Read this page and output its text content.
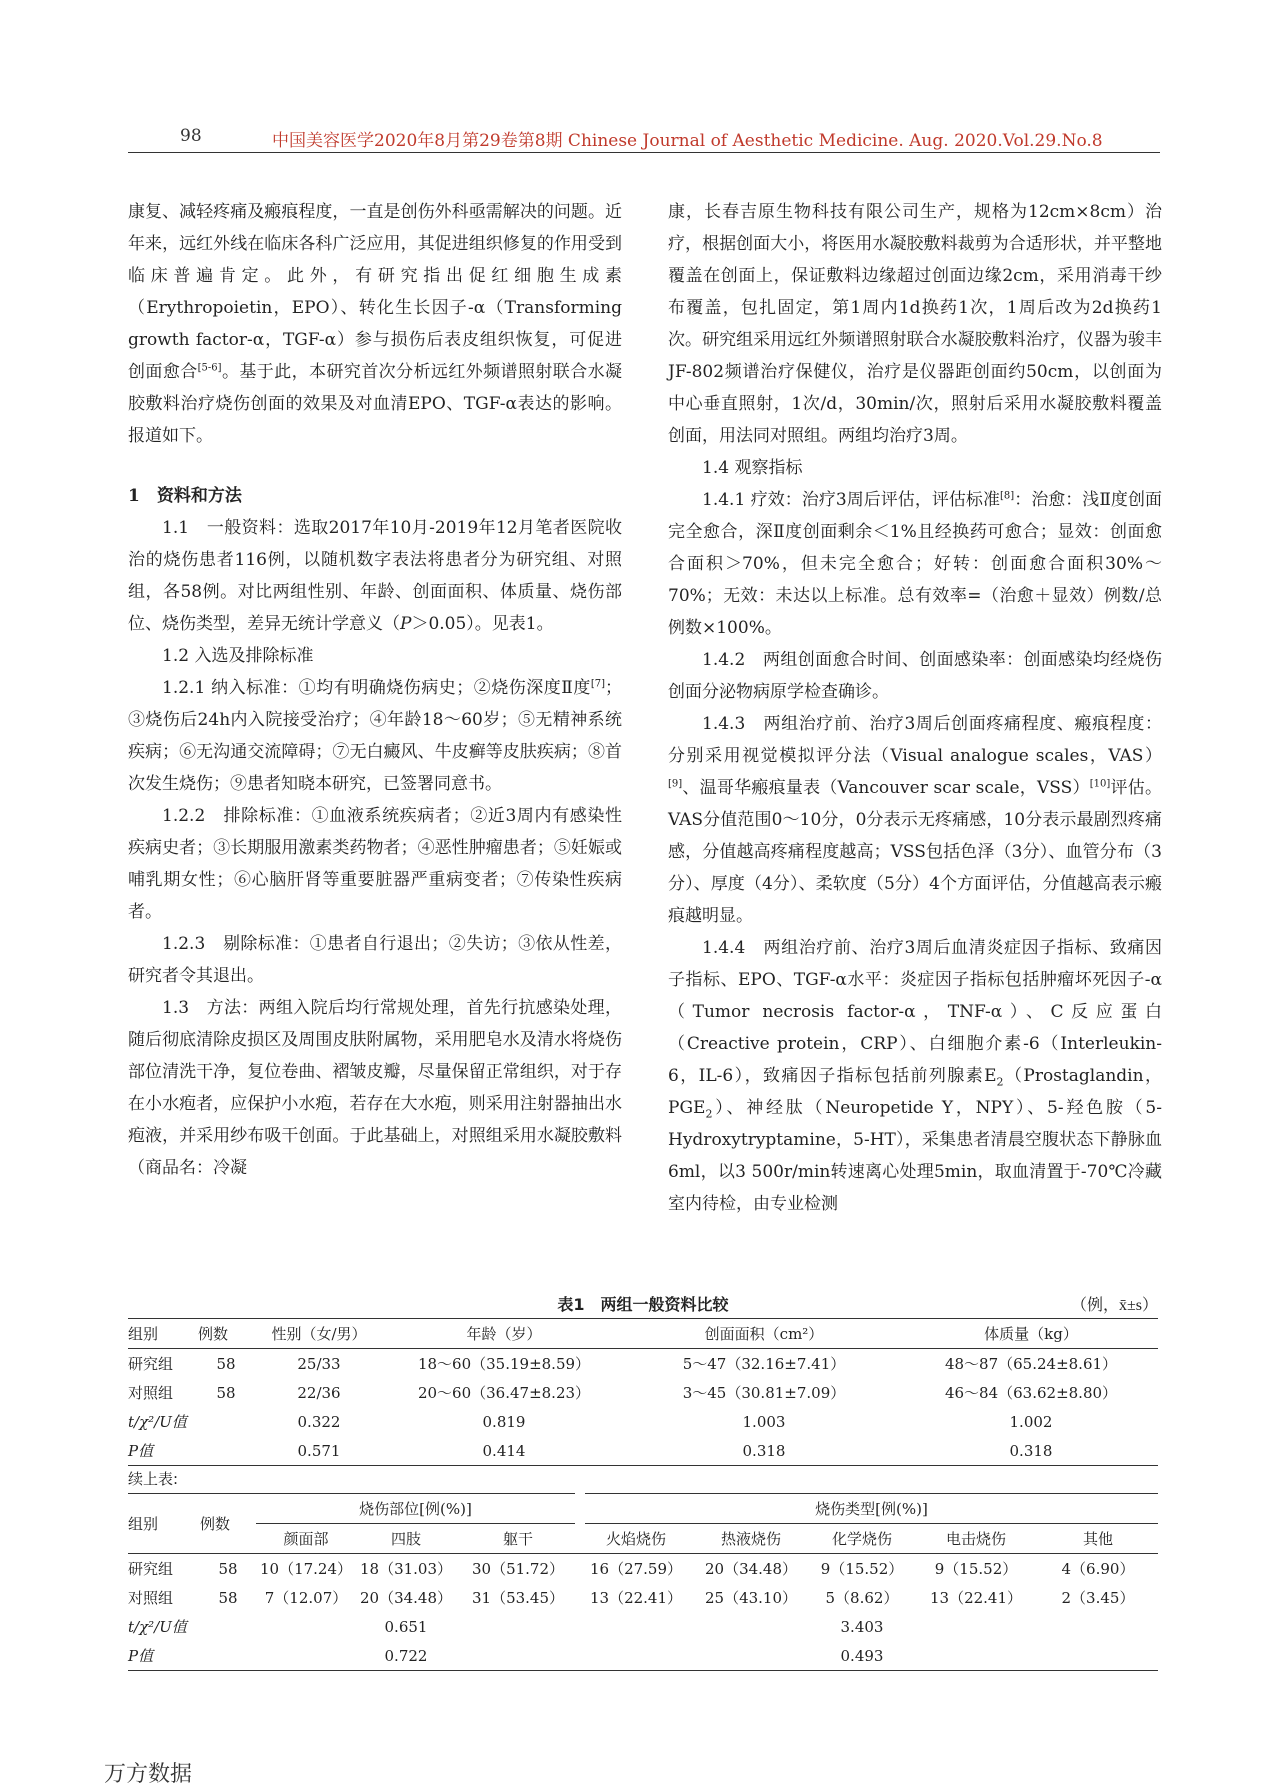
98	中国美容医学2020年8月第29卷第8期 Chinese Journal of Aesthetic Medicine. Aug. 2020.Vol.29.No.8

康复、减轻疼痛及瘢痕程度，一直是创伤外科亟需解决的问题。近年来，远红外线在临床各科广泛应用，其促进组织修复的作用受到临床普遍肯定。此外，有研究指出促红细胞生成素（Erythropoietin，EPO）、转化生长因子-α（Transforming growth factor-α，TGF-α）参与损伤后表皮组织恢复，可促进创面愈合[5-6]。基于此，本研究首次分析远红外频谱照射联合水凝胶敷料治疗烧伤创面的效果及对血清EPO、TGF-α表达的影响。报道如下。

1　资料和方法

1.1　一般资料：选取2017年10月-2019年12月笔者医院收治的烧伤患者116例，以随机数字表法将患者分为研究组、对照组，各58例。对比两组性别、年龄、创面面积、体质量、烧伤部位、烧伤类型，差异无统计学意义（P＞0.05）。见表1。

1.2 入选及排除标准

1.2.1 纳入标准：①均有明确烧伤病史；②烧伤深度Ⅱ度[7]；③烧伤后24h内入院接受治疗；④年龄18～60岁；⑤无精神系统疾病；⑥无沟通交流障碍；⑦无白癜风、牛皮癣等皮肤疾病；⑧首次发生烧伤；⑨患者知晓本研究，已签署同意书。

1.2.2　排除标准：①血液系统疾病者；②近3周内有感染性疾病史者；③长期服用激素类药物者；④恶性肿瘤患者；⑤妊娠或哺乳期女性；⑥心脑肝肾等重要脏器严重病变者；⑦传染性疾病者。

1.2.3　剔除标准：①患者自行退出；②失访；③依从性差，研究者令其退出。

1.3　方法：两组入院后均行常规处理，首先行抗感染处理，随后彻底清除皮损区及周围皮肤附属物，采用肥皂水及清水将烧伤部位清洗干净，复位卷曲、褶皱皮瓣，尽量保留正常组织，对于存在小水疱者，应保护小水疱，若存在大水疱，则采用注射器抽出水疱液，并采用纱布吸干创面。于此基础上，对照组采用水凝胶敷料（商品名：冷凝

康，长春吉原生物科技有限公司生产，规格为12cm×8cm）治疗，根据创面大小，将医用水凝胶敷料裁剪为合适形状，并平整地覆盖在创面上，保证敷料边缘超过创面边缘2cm，采用消毒干纱布覆盖，包扎固定，第1周内1d换药1次，1周后改为2d换药1次。研究组采用远红外频谱照射联合水凝胶敷料治疗，仪器为骏丰JF-802频谱治疗保健仪，治疗是仪器距创面约50cm，以创面为中心垂直照射，1次/d，30min/次，照射后采用水凝胶敷料覆盖创面，用法同对照组。两组均治疗3周。

1.4 观察指标

1.4.1 疗效：治疗3周后评估，评估标准[8]：治愈：浅Ⅱ度创面完全愈合，深Ⅱ度创面剩余＜1%且经换药可愈合；显效：创面愈合面积＞70%，但未完全愈合；好转：创面愈合面积30%～70%；无效：未达以上标准。总有效率=（治愈＋显效）例数/总例数×100%。

1.4.2　两组创面愈合时间、创面感染率：创面感染均经烧伤创面分泌物病原学检查确诊。

1.4.3　两组治疗前、治疗3周后创面疼痛程度、瘢痕程度：分别采用视觉模拟评分法（Visual analogue scales，VAS）[9]、温哥华瘢痕量表（Vancouver scar scale，VSS）[10]评估。VAS分值范围0～10分，0分表示无疼痛感，10分表示最剧烈疼痛感，分值越高疼痛程度越高；VSS包括色泽（3分）、血管分布（3分）、厚度（4分）、柔软度（5分）4个方面评估，分值越高表示瘢痕越明显。

1.4.4　两组治疗前、治疗3周后血清炎症因子指标、致痛因子指标、EPO、TGF-α水平：炎症因子指标包括肿瘤坏死因子-α（Tumor necrosis factor-α，TNF-α）、C反应蛋白（Creactive protein，CRP）、白细胞介素-6（Interleukin-6，IL-6），致痛因子指标包括前列腺素$E_2(Prostaglandin$，$PGE_2$）、神经肽（Neuropetide Y，NPY）、5-羟色胺（5-Hydroxytryptamine，5-HT），采集患者清晨空腹状态下静脉血6ml，以3 500r/min转速离心处理5min，取血清置于-70℃冷藏室内待检，由专业检测

表1　两组一般资料比较	（例，x̄±s）
组别	例数	性别（女/男）	年龄（岁）	创面面积（cm²）	体质量（kg）
研究组	58	25/33	18～60（35.19±8.59）	5～47（32.16±7.41）	48～87（65.24±8.61）
对照组	58	22/36	20～60（36.47±8.23）	3～45（30.81±7.09）	46～84（63.62±8.80）
t/χ²/U值		0.322	0.819	1.003	1.002
P值		0.571	0.414	0.318	0.318
续上表:
组别	例数	烧伤部位[例(%)]			烧伤类型[例(%)]				
		颜面部	四肢	躯干	火焰烧伤	热液烧伤	化学烧伤	电击烧伤	其他
研究组	58	10（17.24）	18（31.03）	30（51.72）	16（27.59）	20（34.48）	9（15.52）	9（15.52）	4（6.90）
对照组	58	7（12.07）	20（34.48）	31（53.45）	13（22.41）	25（43.10）	5（8.62）	13（22.41）	2（3.45）
t/χ²/U值			0.651				3.403		
P值			0.722				0.493		
万方数据
